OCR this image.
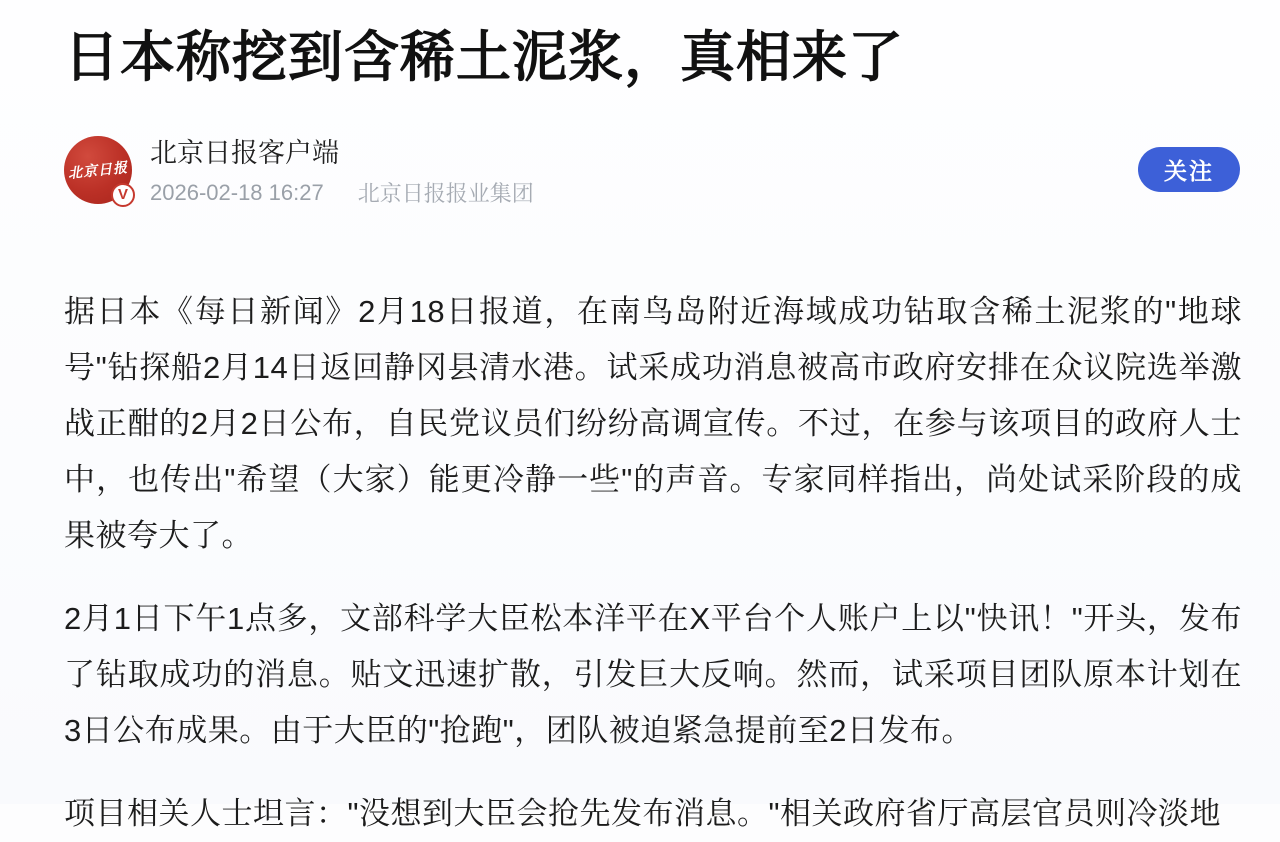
日本称挖到含稀土泥浆，真相来了
北京日报
V
北京日报客户端
2026-02-18 16:27 北京日报报业集团
关注

据日本《每日新闻》2月18日报道，在南鸟岛附近海域成功钻取含稀土泥浆的"地球号"钻探船2月14日返回静冈县清水港。试采成功消息被高市政府安排在众议院选举激战正酣的2月2日公布，自民党议员们纷纷高调宣传。不过，在参与该项目的政府人士中，也传出"希望（大家）能更冷静一些"的声音。专家同样指出，尚处试采阶段的成果被夸大了。

2月1日下午1点多，文部科学大臣松本洋平在X平台个人账户上以"快讯！"开头，发布了钻取成功的消息。贴文迅速扩散，引发巨大反响。然而，试采项目团队原本计划在3日公布成果。由于大臣的"抢跑"，团队被迫紧急提前至2日发布。

项目相关人士坦言："没想到大臣会抢先发布消息。"相关政府省厅高层官员则冷淡地
